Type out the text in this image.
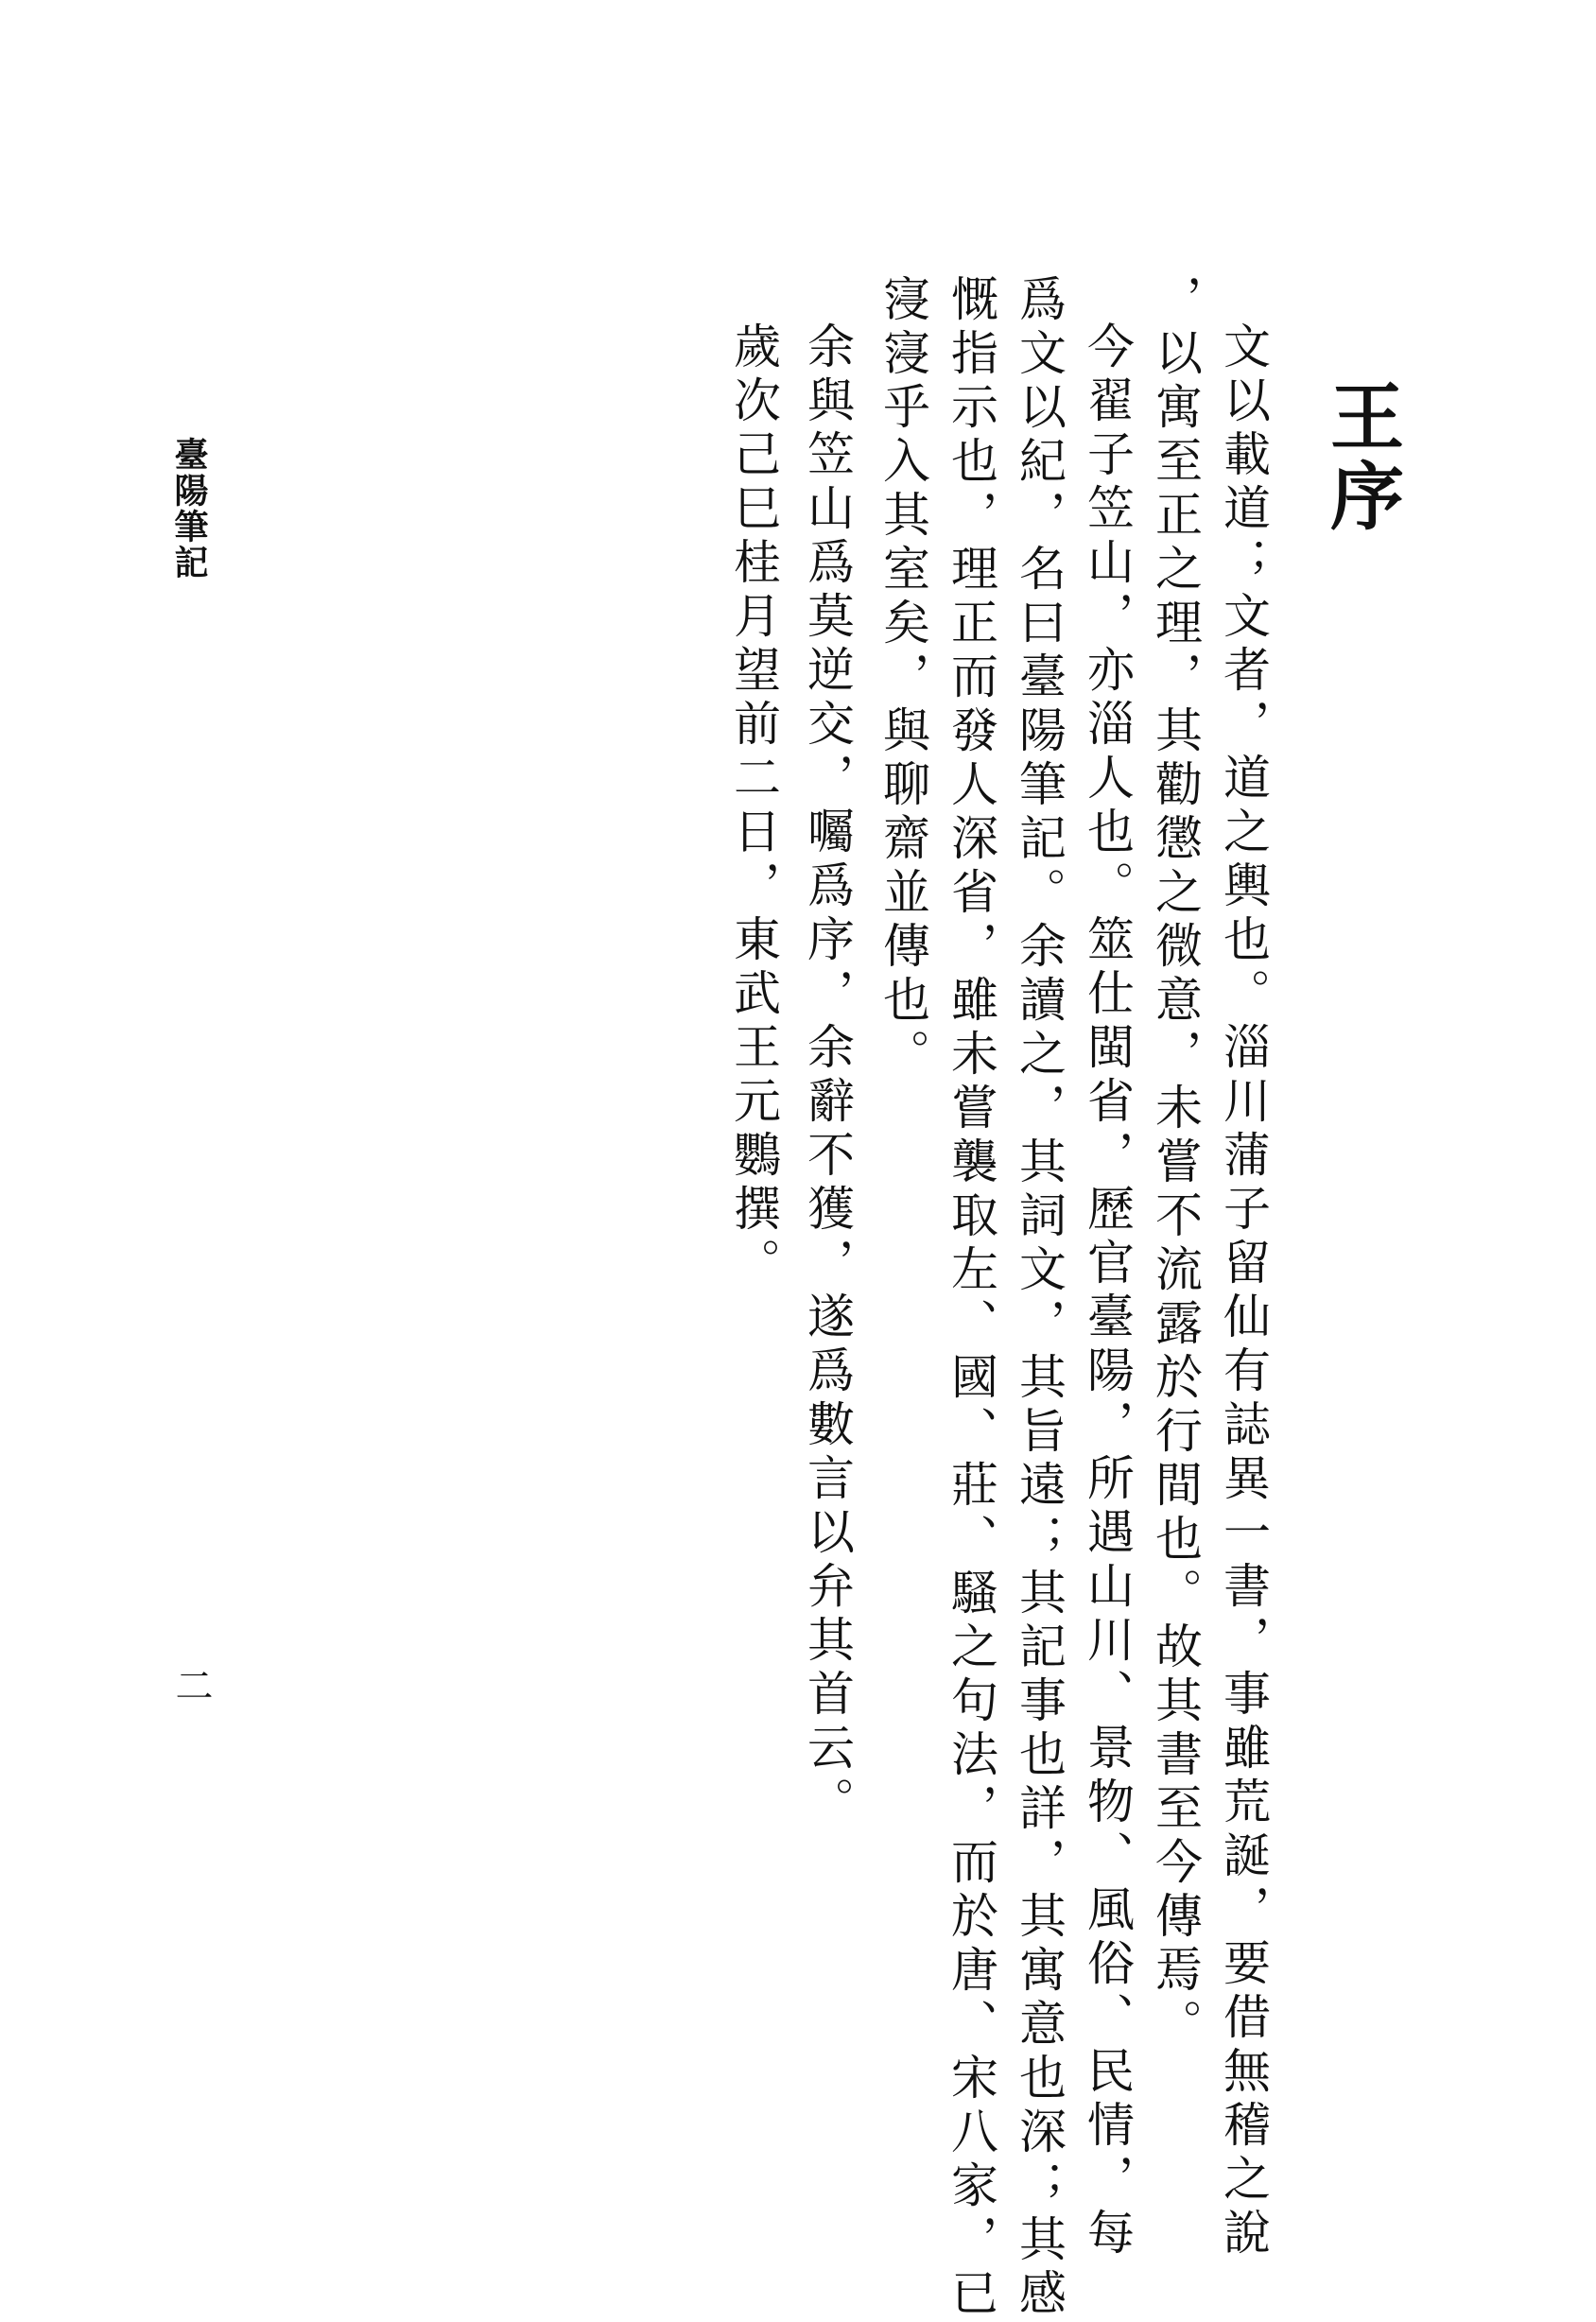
王序
文以載道；文者，道之輿也。淄川蒲子留仙有誌異一書，事雖荒誕，要借無稽之說
，以寓至正之理，其勸懲之微意，未嘗不流露於行間也。故其書至今傳焉。
今翟子笠山，亦淄人也。筮仕閩省，歷官臺陽，所遇山川、景物、風俗、民情，每
爲文以紀，名曰臺陽筆記。余讀之，其詞文，其旨遠；其記事也詳，其寓意也深；其感
慨指示也，理正而發人深省，雖未嘗襲取左、國、莊、騷之句法，而於唐、宋八家，已
寖寖乎入其室矣，與聊齋並傳也。
余與笠山爲莫逆交，囑爲序，余辭不獲，遂爲數言以弁其首云。
歲次己巳桂月望前二日，東武王元鸚撰。
臺陽筆記
二
